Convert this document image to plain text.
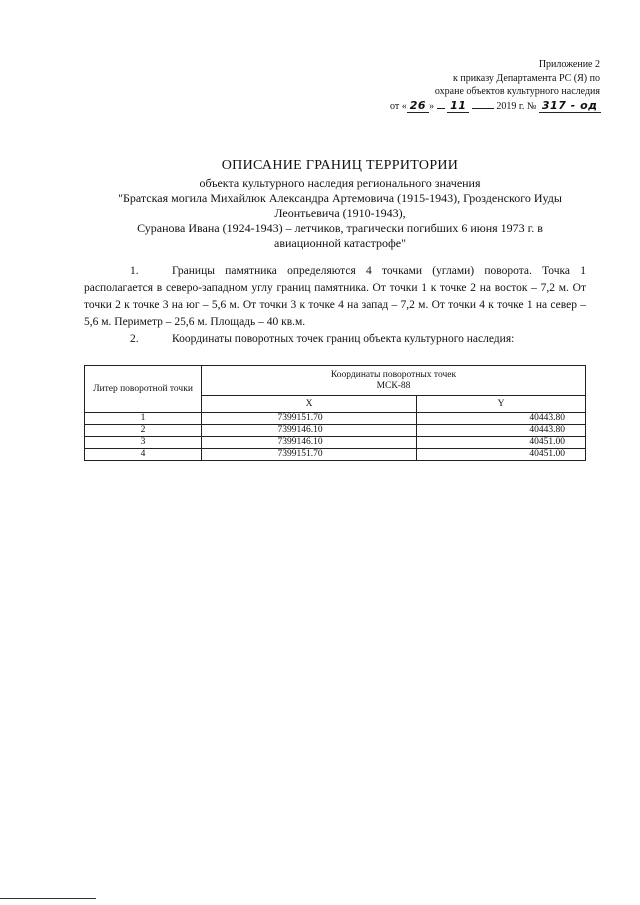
Приложение 2
к приказу Департамента РС (Я) по
охране объектов культурного наследия
от « 26 » 11	2019 г. № 317 - од
ОПИСАНИЕ ГРАНИЦ ТЕРРИТОРИИ
объекта культурного наследия регионального значения
"Братская могила Михайлюк Александра Артемовича (1915-1943), Грозденского Иуды
Леонтьевича (1910-1943),
Суранова Ивана (1924-1943) – летчиков, трагически погибших 6 июня 1973 г. в
авиационной катастрофе"

1.	Границы памятника определяются 4 точками (углами) поворота. Точка 1 располагается в северо-западном углу границ памятника. От точки 1 к точке 2 на восток – 7,2 м. От точки 2 к точке 3 на юг – 5,6 м. От точки 3 к точке 4 на запад – 7,2 м. От точки 4 к точке 1 на север – 5,6 м. Периметр – 25,6 м. Площадь – 40 кв.м.

2.	Координаты поворотных точек границ объекта культурного наследия:

Литер поворотной точки	Координаты поворотных точек
МСК-88	

	X	Y
1	7399151.70	40443.80
2	7399146.10	40443.80
3	7399146.10	40451.00
4	7399151.70	40451.00
